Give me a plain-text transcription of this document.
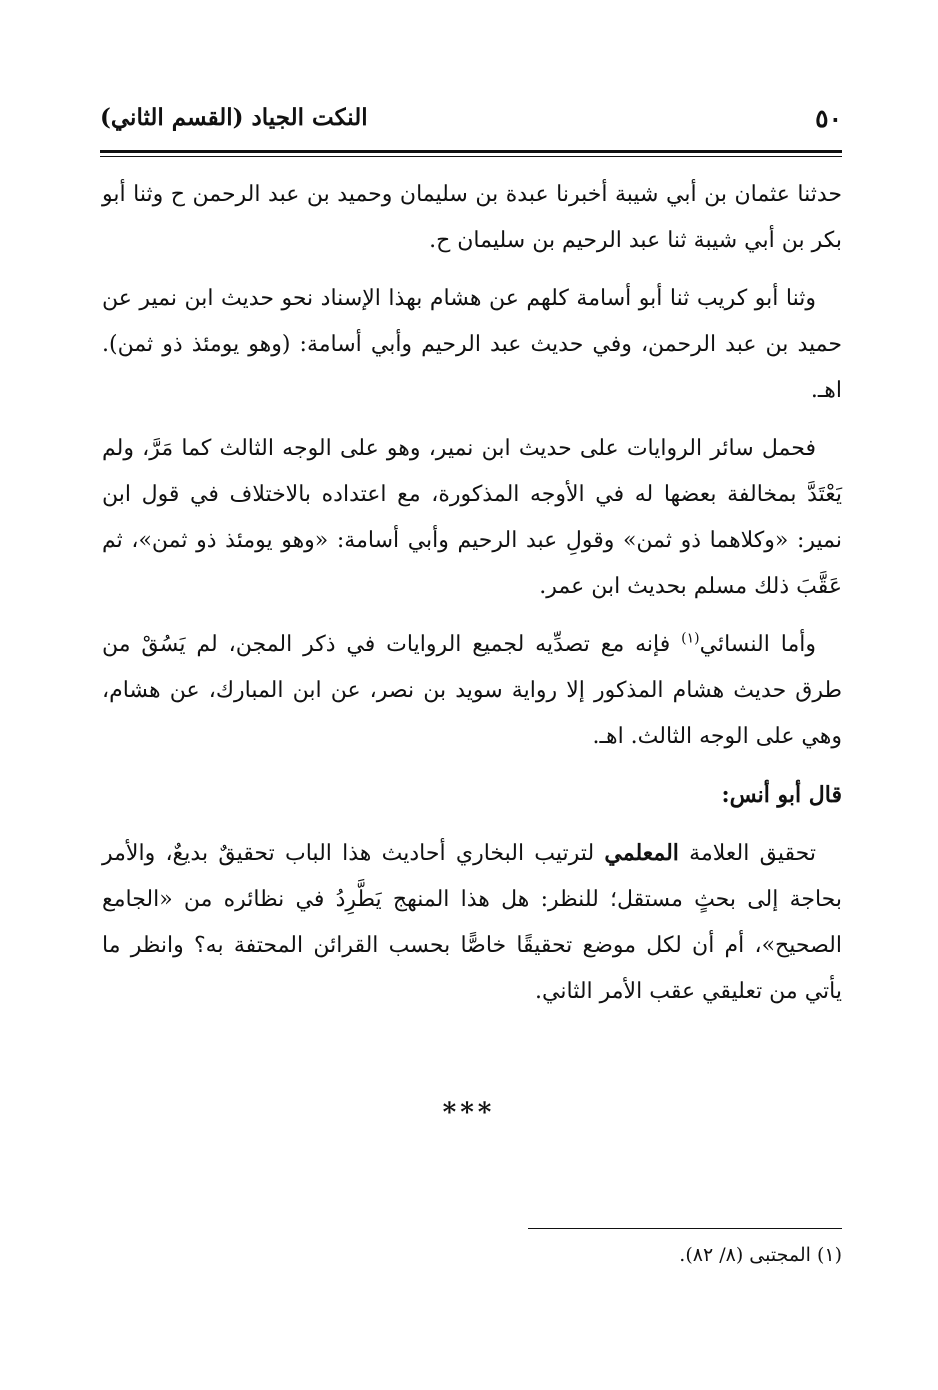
٥٠
النكت الجياد (القسم الثاني)

حدثنا عثمان بن أبي شيبة أخبرنا عبدة بن سليمان وحميد بن عبد الرحمن ح وثنا أبو بكر بن أبي شيبة ثنا عبد الرحيم بن سليمان ح.

وثنا أبو كريب ثنا أبو أسامة كلهم عن هشام بهذا الإسناد نحو حديث ابن نمير عن حميد بن عبد الرحمن، وفي حديث عبد الرحيم وأبي أسامة: (وهو يومئذ ذو ثمن). اهـ.

فحمل سائر الروايات على حديث ابن نمير، وهو على الوجه الثالث كما مَرَّ، ولم يَعْتَدَّ بمخالفة بعضها له في الأوجه المذكورة، مع اعتداده بالاختلاف في قول ابن نمير: «وكلاهما ذو ثمن» وقولِ عبد الرحيم وأبي أسامة: «وهو يومئذ ذو ثمن»، ثم عَقَّبَ ذلك مسلم بحديث ابن عمر.

وأما النسائي$^{(١)}$ فإنه مع تصدِّيه لجميع الروايات في ذكر المجن، لم يَسُقْ من طرق حديث هشام المذكور إلا رواية سويد بن نصر، عن ابن المبارك، عن هشام، وهي على الوجه الثالث. اهـ.

قال أبو أنس:

تحقيق العلامة المعلمي لترتيب البخاري أحاديث هذا الباب تحقيقٌ بديعٌ، والأمر بحاجة إلى بحثٍ مستقل؛ للنظر: هل هذا المنهج يَطَّرِدُ في نظائره من «الجامع الصحيح»، أم أن لكل موضع تحقيقًا خاصًّا بحسب القرائن المحتفة به؟ وانظر ما يأتي من تعليقي عقب الأمر الثاني.

***
(١) المجتبى (٨/ ٨٢).
